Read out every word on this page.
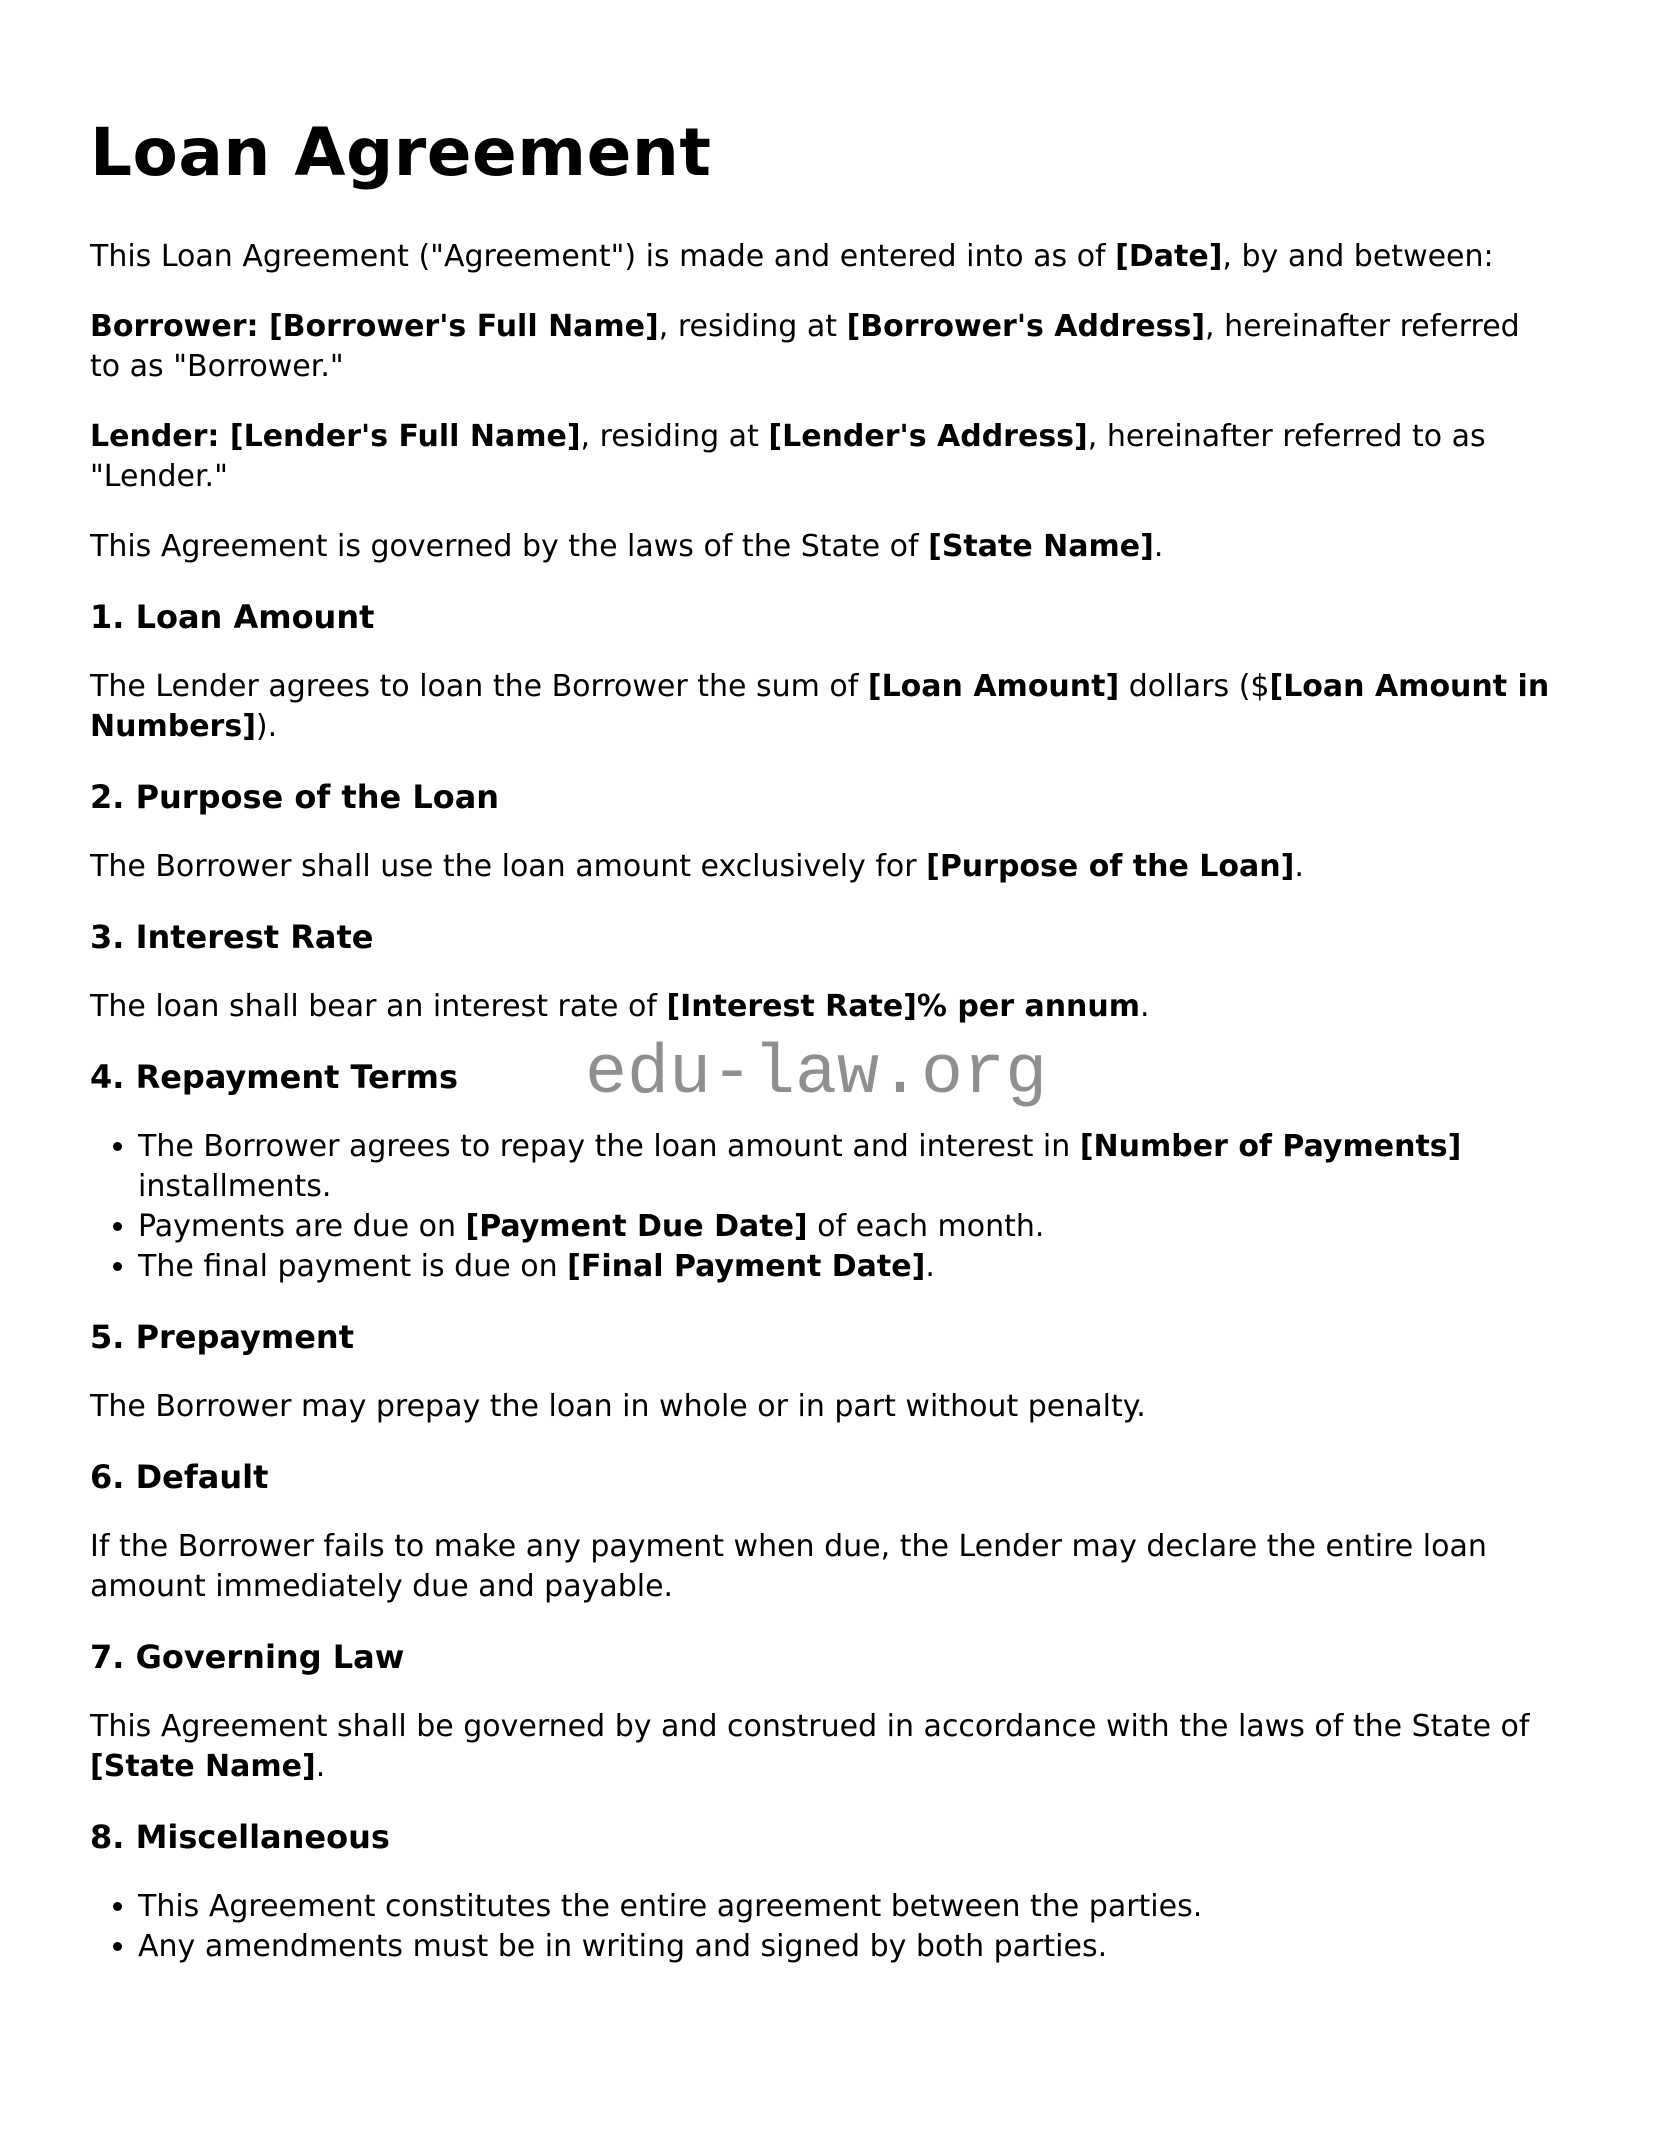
edu-law.org
Loan Agreement

This Loan Agreement ("Agreement") is made and entered into as of [Date], by and between:

Borrower: [Borrower's Full Name], residing at [Borrower's Address], hereinafter referred to as "Borrower."

Lender: [Lender's Full Name], residing at [Lender's Address], hereinafter referred to as "Lender."

This Agreement is governed by the laws of the State of [State Name].

1. Loan Amount

The Lender agrees to loan the Borrower the sum of [Loan Amount] dollars ($[Loan Amount in Numbers]).

2. Purpose of the Loan

The Borrower shall use the loan amount exclusively for [Purpose of the Loan].

3. Interest Rate

The loan shall bear an interest rate of [Interest Rate]% per annum.

4. Repayment Terms
• The Borrower agrees to repay the loan amount and interest in [Number of Payments] installments.
• Payments are due on [Payment Due Date] of each month.
• The final payment is due on [Final Payment Date].
5. Prepayment

The Borrower may prepay the loan in whole or in part without penalty.

6. Default

If the Borrower fails to make any payment when due, the Lender may declare the entire loan amount immediately due and payable.

7. Governing Law

This Agreement shall be governed by and construed in accordance with the laws of the State of [State Name].

8. Miscellaneous
• This Agreement constitutes the entire agreement between the parties.
• Any amendments must be in writing and signed by both parties.
